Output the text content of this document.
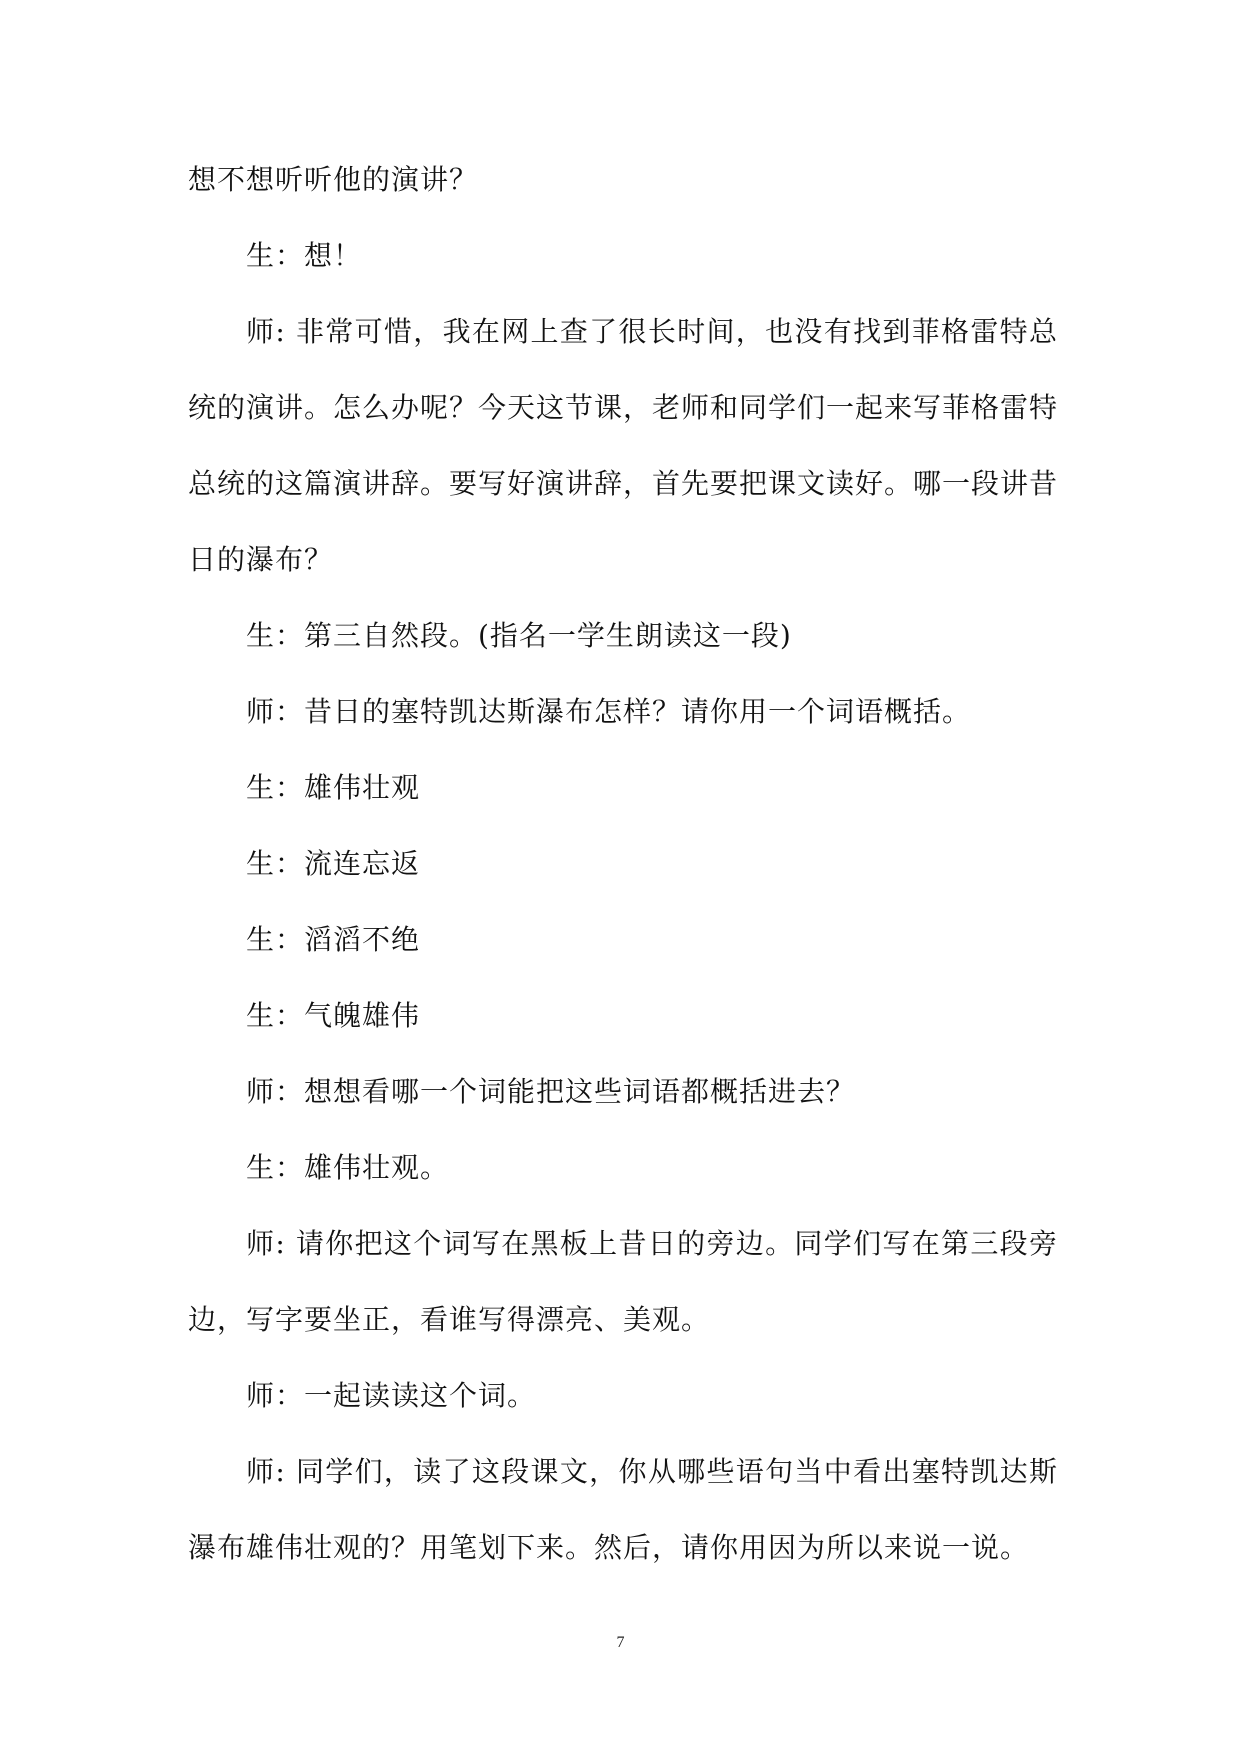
想不想听听他的演讲？

生：想！

师: 非常可惜，我在网上查了很长时间，也没有找到菲格雷特总统的演讲。怎么办呢？今天这节课，老师和同学们一起来写菲格雷特总统的这篇演讲辞。要写好演讲辞，首先要把课文读好。哪一段讲昔日的瀑布？

生：第三自然段。(指名一学生朗读这一段)

师：昔日的塞特凯达斯瀑布怎样？请你用一个词语概括。

生：雄伟壮观

生：流连忘返

生：滔滔不绝

生：气魄雄伟

师：想想看哪一个词能把这些词语都概括进去？

生：雄伟壮观。

师: 请你把这个词写在黑板上昔日的旁边。同学们写在第三段旁边，写字要坐正，看谁写得漂亮、美观。

师：一起读读这个词。

师: 同学们，读了这段课文，你从哪些语句当中看出塞特凯达斯瀑布雄伟壮观的？用笔划下来。然后，请你用因为所以来说一说。

7
